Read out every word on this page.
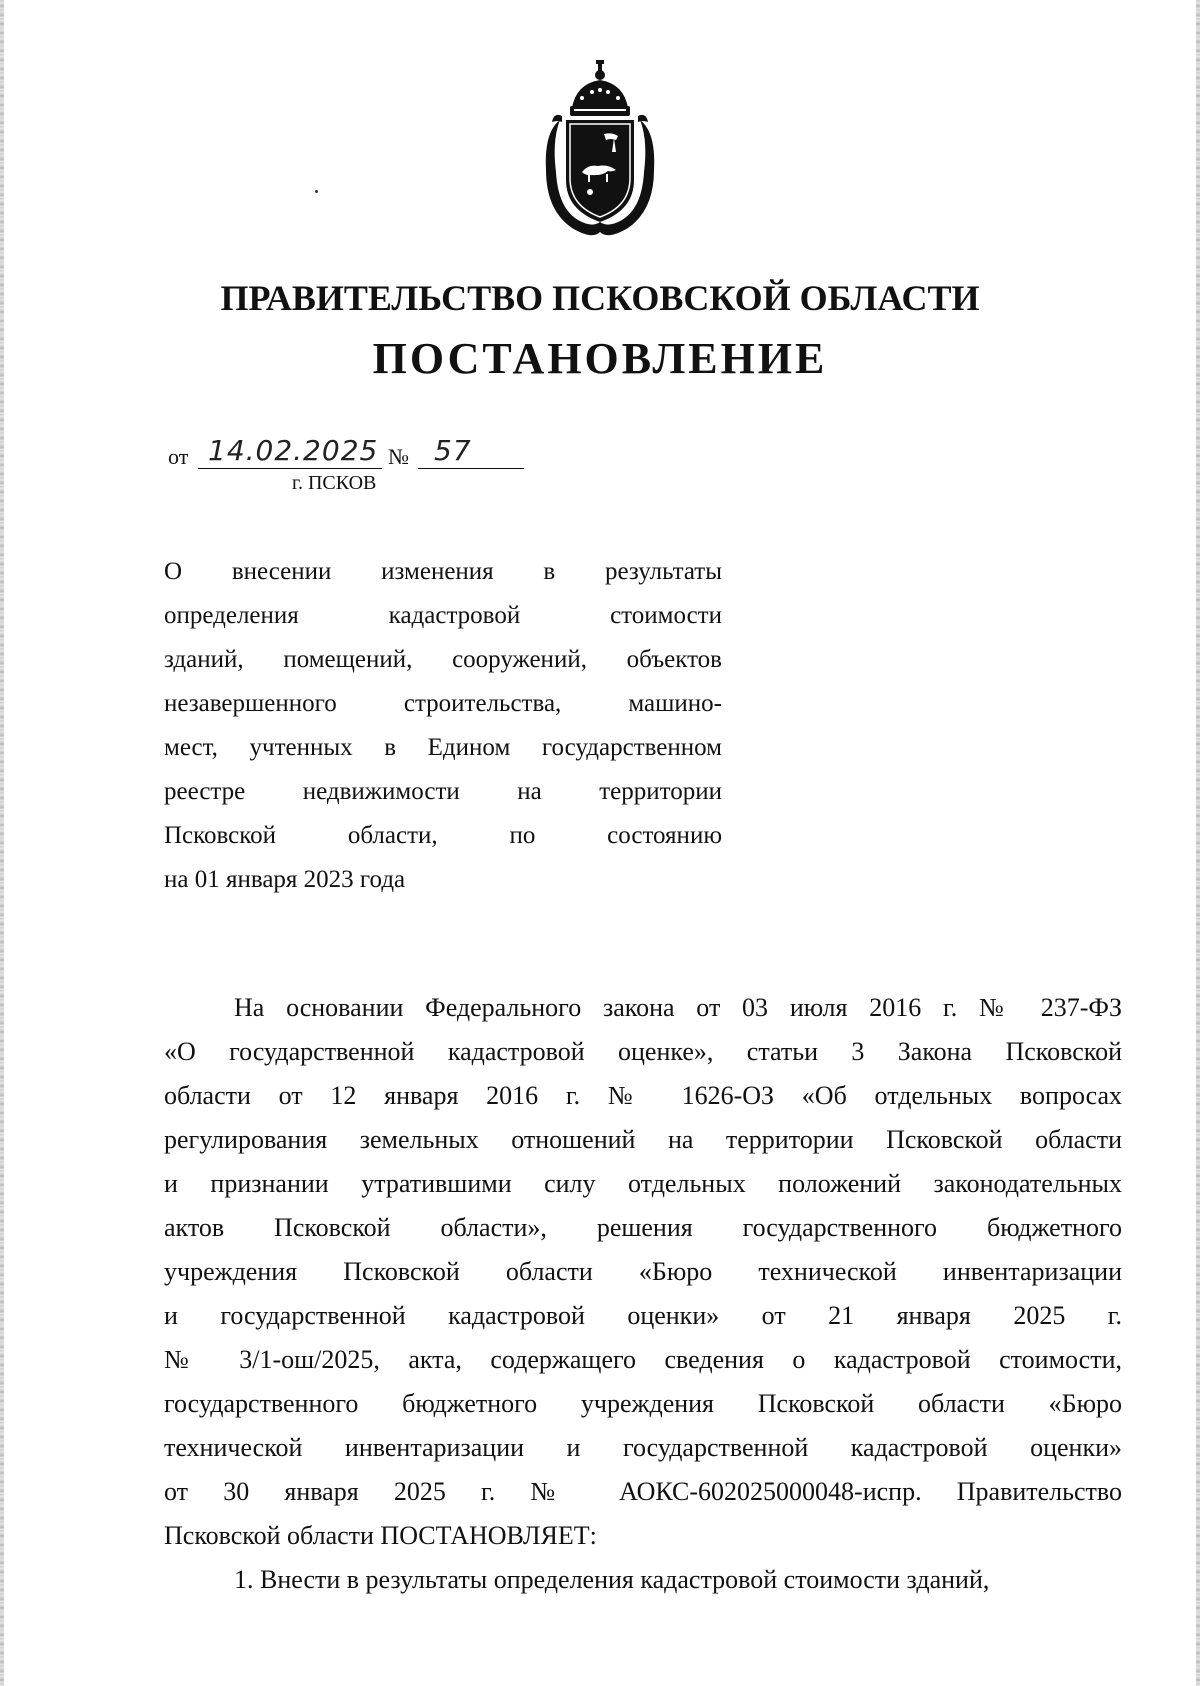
ПРАВИТЕЛЬСТВО ПСКОВСКОЙ ОБЛАСТИ
ПОСТАНОВЛЕНИЕ
от 14.02.2025 № 57
г. ПСКОВ
О внесении изменения в результаты
определения кадастровой стоимости
зданий, помещений, сооружений, объектов
незавершенного строительства, машино-
мест, учтенных в Едином государственном
реестре недвижимости на территории
Псковской области, по состоянию
на 01 января 2023 года
На основании Федерального закона от 03 июля 2016 г. № 237-ФЗ
«О государственной кадастровой оценке», статьи 3 Закона Псковской
области от 12 января 2016 г. № 1626-ОЗ «Об отдельных вопросах
регулирования земельных отношений на территории Псковской области
и признании утратившими силу отдельных положений законодательных
актов Псковской области», решения государственного бюджетного
учреждения Псковской области «Бюро технической инвентаризации
и государственной кадастровой оценки» от 21 января 2025 г.
№ 3/1-ош/2025, акта, содержащего сведения о кадастровой стоимости,
государственного бюджетного учреждения Псковской области «Бюро
технической инвентаризации и государственной кадастровой оценки»
от 30 января 2025 г. № АОКС-602025000048-испр. Правительство
Псковской области ПОСТАНОВЛЯЕТ:
1. Внести в результаты определения кадастровой стоимости зданий,
